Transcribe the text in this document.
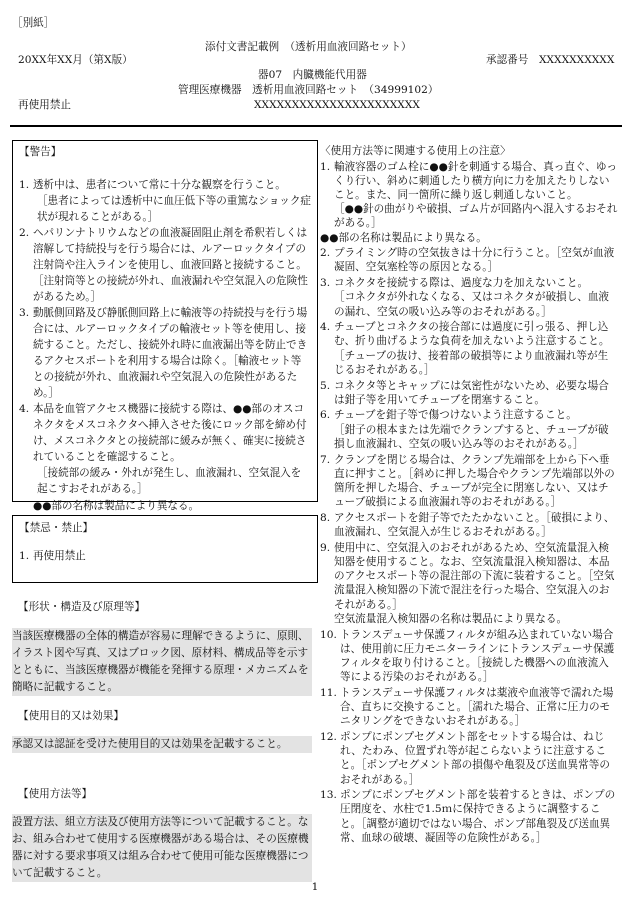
［別紙］
添付文書記載例　（透析用血液回路セット）
20XX年XX月（第X版）	承認番号　XXXXXXXXXX
器07　内臓機能代用器
管理医療機器　透析用血液回路セット　（34999102）
再使用禁止	XXXXXXXXXXXXXXXXXXXXXX
【警告】
1. 透析中は、患者について常に十分な観察を行うこと。
［患者によっては透析中に血圧低下等の重篤なショック症状が現れることがある。］
2. ヘパリンナトリウムなどの血液凝固阻止剤を希釈若しくは溶解して持続投与を行う場合には、ルアーロックタイプの注射筒や注入ラインを使用し、血液回路と接続すること。［注射筒等との接続が外れ、血液漏れや空気混入の危険性があるため。］
3. 動脈側回路及び静脈側回路上に輸液等の持続投与を行う場合には、ルアーロックタイプの輸液セット等を使用し、接続すること。ただし、接続外れ時に血液漏出等を防止できるアクセスポートを利用する場合は除く。［輸液セット等との接続が外れ、血液漏れや空気混入の危険性があるため。］
4. 本品を血管アクセス機器に接続する際は、●●部のオスコネクタをメスコネクタへ挿入させた後にロック部を締め付け、メスコネクタとの接続部に緩みが無く、確実に接続されていることを確認すること。
［接続部の緩み・外れが発生し、血液漏れ、空気混入を起こすおそれがある。］
●●部の名称は製品により異なる。
【禁忌・禁止】
1. 再使用禁止
【形状・構造及び原理等】
当該医療機器の全体的構造が容易に理解できるように、原則、イラスト図や写真、又はブロック図、原材料、構成品等を示すとともに、当該医療機器が機能を発揮する原理・メカニズムを簡略に記載すること。
【使用目的又は効果】
承認又は認証を受けた使用目的又は効果を記載すること。
【使用方法等】
設置方法、組立方法及び使用方法等について記載すること。なお、組み合わせて使用する医療機器がある場合は、その医療機器に対する要求事項又は組み合わせて使用可能な医療機器について記載すること。
〈使用方法等に関連する使用上の注意〉
1. 輸液容器のゴム栓に●●針を刺通する場合、真っ直ぐ、ゆっくり行い、斜めに刺通したり横方向に力を加えたりしないこと。また、同一箇所に繰り返し刺通しないこと。
［●●針の曲がりや破損、ゴム片が回路内へ混入するおそれがある。］
●●部の名称は製品により異なる。
2. プライミング時の空気抜きは十分に行うこと。［空気が血液凝固、空気塞栓等の原因となる。］
3. コネクタを接続する際は、過度な力を加えないこと。
［コネクタが外れなくなる、又はコネクタが破損し、血液の漏れ、空気の吸い込み等のおそれがある。］
4. チューブとコネクタの接合部には過度に引っ張る、押し込む、折り曲げるような負荷を加えないよう注意すること。［チューブの抜け、接着部の破損等により血液漏れ等が生じるおそれがある。］
5. コネクタ等とキャップには気密性がないため、必要な場合は鉗子等を用いてチューブを閉塞すること。
6. チューブを鉗子等で傷つけないよう注意すること。
［鉗子の根本または先端でクランプすると、チューブが破損し血液漏れ、空気の吸い込み等のおそれがある。］
7. クランプを閉じる場合は、クランプ先端部を上から下へ垂直に押すこと。［斜めに押した場合やクランプ先端部以外の箇所を押した場合、チューブが完全に閉塞しない、又はチューブ破損による血液漏れ等のおそれがある。］
8. アクセスポートを鉗子等でたたかないこと。［破損により、血液漏れ、空気混入が生じるおそれがある。］
9. 使用中に、空気混入のおそれがあるため、空気流量混入検知器を使用すること。なお、空気流量混入検知器は、本品のアクセスポート等の混注部の下流に装着すること。［空気流量混入検知器の下流で混注を行った場合、空気混入のおそれがある。］
空気流量混入検知器の名称は製品により異なる。
10. トランスデューサ保護フィルタが組み込まれていない場合は、使用前に圧力モニターラインにトランスデューサ保護フィルタを取り付けること。［接続した機器への血液流入等による汚染のおそれがある。］
11. トランスデューサ保護フィルタは薬液や血液等で濡れた場合、直ちに交換すること。［濡れた場合、正常に圧力のモニタリングをできないおそれがある。］
12. ポンプにポンプセグメント部をセットする場合は、ねじれ、たわみ、位置ずれ等が起こらないように注意すること。［ポンプセグメント部の損傷や亀裂及び送血異常等のおそれがある。］
13. ポンプにポンプセグメント部を装着するときは、ポンプの圧閉度を、水柱で1.5ｍに保持できるように調整すること。［調整が適切ではない場合、ポンプ部亀裂及び送血異常、血球の破壊、凝固等の危険性がある。］
1
